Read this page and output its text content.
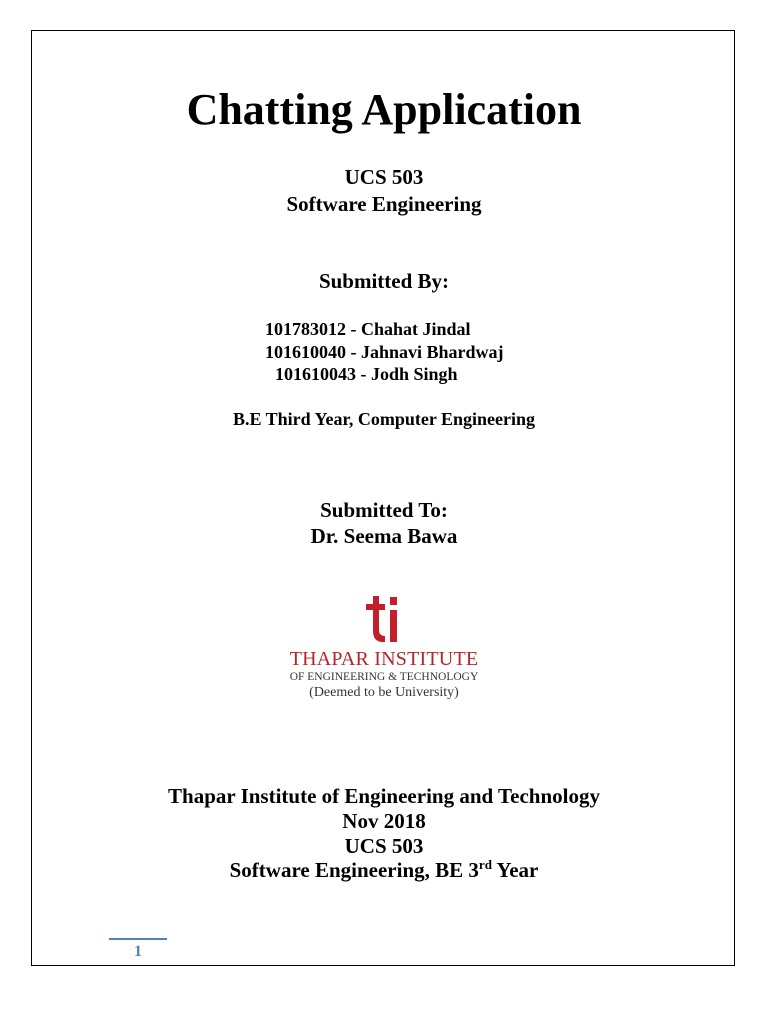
Chatting Application
UCS 503
Software Engineering
Submitted By:
101783012 - Chahat Jindal
101610040 - Jahnavi Bhardwaj
101610043 - Jodh Singh
B.E Third Year, Computer Engineering
Submitted To:
Dr. Seema Bawa
THAPAR INSTITUTE
OF ENGINEERING & TECHNOLOGY
(Deemed to be University)
Thapar Institute of Engineering and Technology
Nov 2018
UCS 503
Software Engineering, BE 3rd Year
1
